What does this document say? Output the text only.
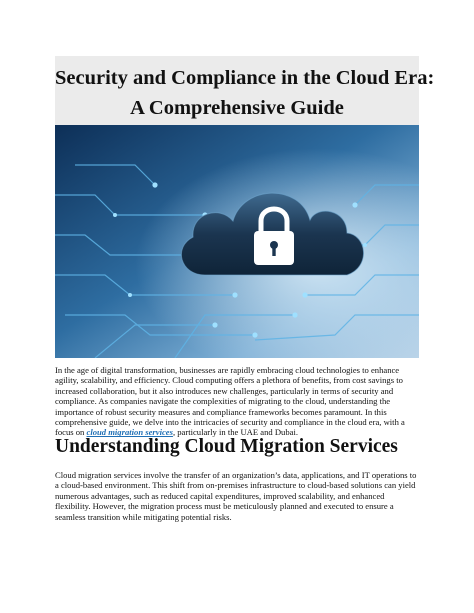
Security and Compliance in the Cloud Era:
A Comprehensive Guide
In the age of digital transformation, businesses are rapidly embracing cloud technologies to enhance agility, scalability, and efficiency. Cloud computing offers a plethora of benefits, from cost savings to increased collaboration, but it also introduces new challenges, particularly in terms of security and compliance. As companies navigate the complexities of migrating to the cloud, understanding the importance of robust security measures and compliance frameworks becomes paramount. In this comprehensive guide, we delve into the intricacies of security and compliance in the cloud era, with a focus on cloud migration services, particularly in the UAE and Dubai.
Understanding Cloud Migration Services
Cloud migration services involve the transfer of an organization’s data, applications, and IT operations to a cloud-based environment. This shift from on-premises infrastructure to cloud-based solutions can yield numerous advantages, such as reduced capital expenditures, improved scalability, and enhanced flexibility. However, the migration process must be meticulously planned and executed to ensure a seamless transition while mitigating potential risks.
